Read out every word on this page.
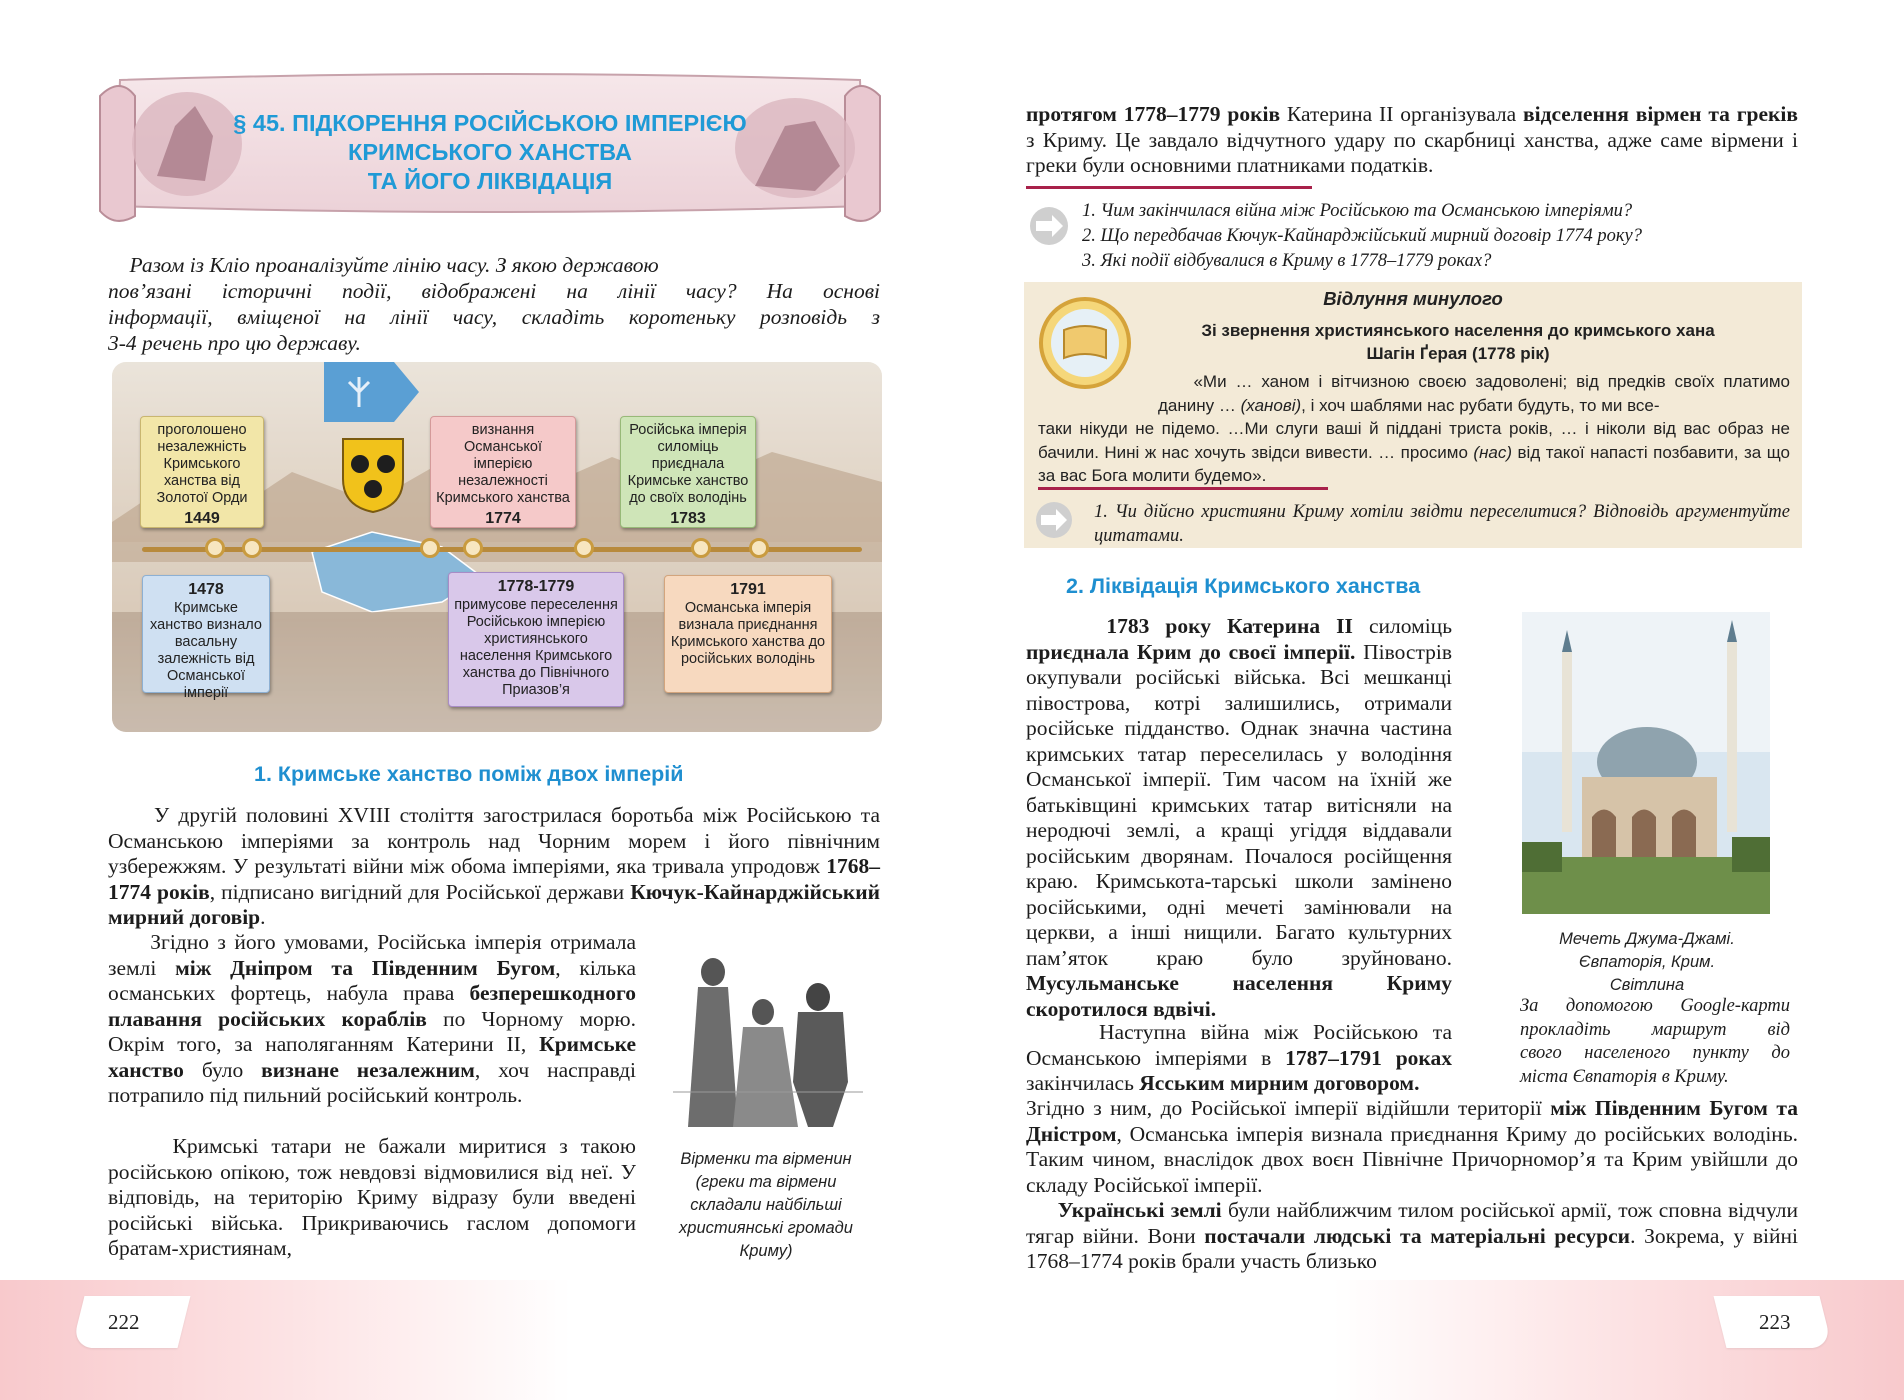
§ 45. ПІДКОРЕННЯ РОСІЙСЬКОЮ ІМПЕРІЄЮ
КРИМСЬКОГО ХАНСТВА
ТА ЙОГО ЛІКВІДАЦІЯ
Разом із Кліо проаналізуйте лінію часу. З якою державою
пов’язані історичні події, відображені на лінії часу? На основі
інформації, вміщеної на лінії часу, складіть коротеньку розповідь з
3-4 речень про цю державу.
проголошено незалежність Кримського ханства від Золотої Орди
1449
визнання Османської імперією незалежності Кримського ханства
1774
Російська імперія силоміць приєднала Кримське ханство до своїх володінь
1783
1478
Кримське ханство визнало васальну залежність від Османської імперії
1778-1779
примусове переселення Російською імперією християнського населення Кримського ханства до Північного Приазов’я
1791
Османська імперія визнала приєднання Кримського ханства до російських володінь
1. Кримське ханство поміж двох імперій
У другій половині XVIII століття загострилася боротьба між Російською та Османською імперіями за контроль над Чорним морем і його північним узбережжям. У результаті війни між обома імперіями, яка тривала упродовж 1768–1774 років, підписано вигідний для Російської держави Кючук-Кайнарджійський мирний договір.
Згідно з його умовами, Російська імперія отримала землі між Дніпром та Південним Бугом, кілька османських фортець, набула права безперешкодного плавання російських кораблів по Чорному морю. Окрім того, за наполяганням Катерини ІІ, Кримське ханство було визнане незалежним, хоч насправді потрапило під пильний російський контроль.
Кримські татари не бажали миритися з такою російською опікою, тож невдовзі відмовилися від неї. У відповідь, на територію Криму відразу були введені російські війська. Прикриваючись гаслом допомоги братам-християнам,
Вірменки та вірменин
(греки та вірмени
складали найбільші
християнські громади
Криму)
222
протягом 1778–1779 років Катерина ІІ організувала відселення вірмен та греків з Криму. Це завдало відчутного удару по скарбниці ханства, адже саме вірмени і греки були основними платниками податків.
1. Чим закінчилася війна між Російською та Османською імперіями?
2. Що передбачав Кючук-Кайнарджійський мирний договір 1774 року?
3. Які події відбувалися в Криму в 1778–1779 роках?
Відлуння минулого
Зі звернення християнського населення до кримського хана
Шагін Ґерая (1778 рік)
«Ми … ханом і вітчизною своєю задоволені; від предків своїх платимо данину … (ханові), і хоч шаблями нас рубати будуть, то ми все-
таки нікуди не підемо. …Ми слуги ваші й піддані триста років, … і ніколи від вас образ не бачили. Нині ж нас хочуть звідси вивести. … просимо (нас) від такої напасті позбавити, за що за вас Бога молити будемо».
1. Чи дійсно християни Криму хотіли звідти переселитися? Відповідь аргументуйте цитатами.
2. Ліквідація Кримського ханства
1783 року Катерина ІІ силоміць приєднала Крим до своєї імперії. Півострів окупували російські війська. Всі мешканці півострова, котрі залишились, отримали російське підданство. Однак значна частина кримських татар переселилась у володіння Османської імперії. Тим часом на їхній же батьківщині кримських татар витісняли на неродючі землі, а кращі угіддя віддавали російським дворянам. Почалося російщення краю. Кримськота-тарські школи замінено російськими, одні мечеті замінювали на церкви, а інші нищили. Багато культурних пам’яток краю було зруйновано. Мусульманське населення Криму скоротилося вдвічі.
Наступна війна між Російською та Османською імперіями в 1787–1791 роках закінчилась Ясським мирним договором.
Згідно з ним, до Російської імперії відійшли території між Південним Бугом та Дністром, Османська імперія визнала приєднання Криму до російських володінь. Таким чином, внаслідок двох воєн Північне Причорномор’я та Крим увійшли до складу Російської імперії.
Українські землі були найближчим тилом російської армії, тож сповна відчули тягар війни. Вони постачали людські та матеріальні ресурси. Зокрема, у війні 1768–1774 років брали участь близько
Мечеть Джума-Джамі.
Євпаторія, Крим.
Світлина
За допомогою Google-карти
прокладіть маршрут від
свого населеного пункту до
міста Євпаторія в Криму.
223
